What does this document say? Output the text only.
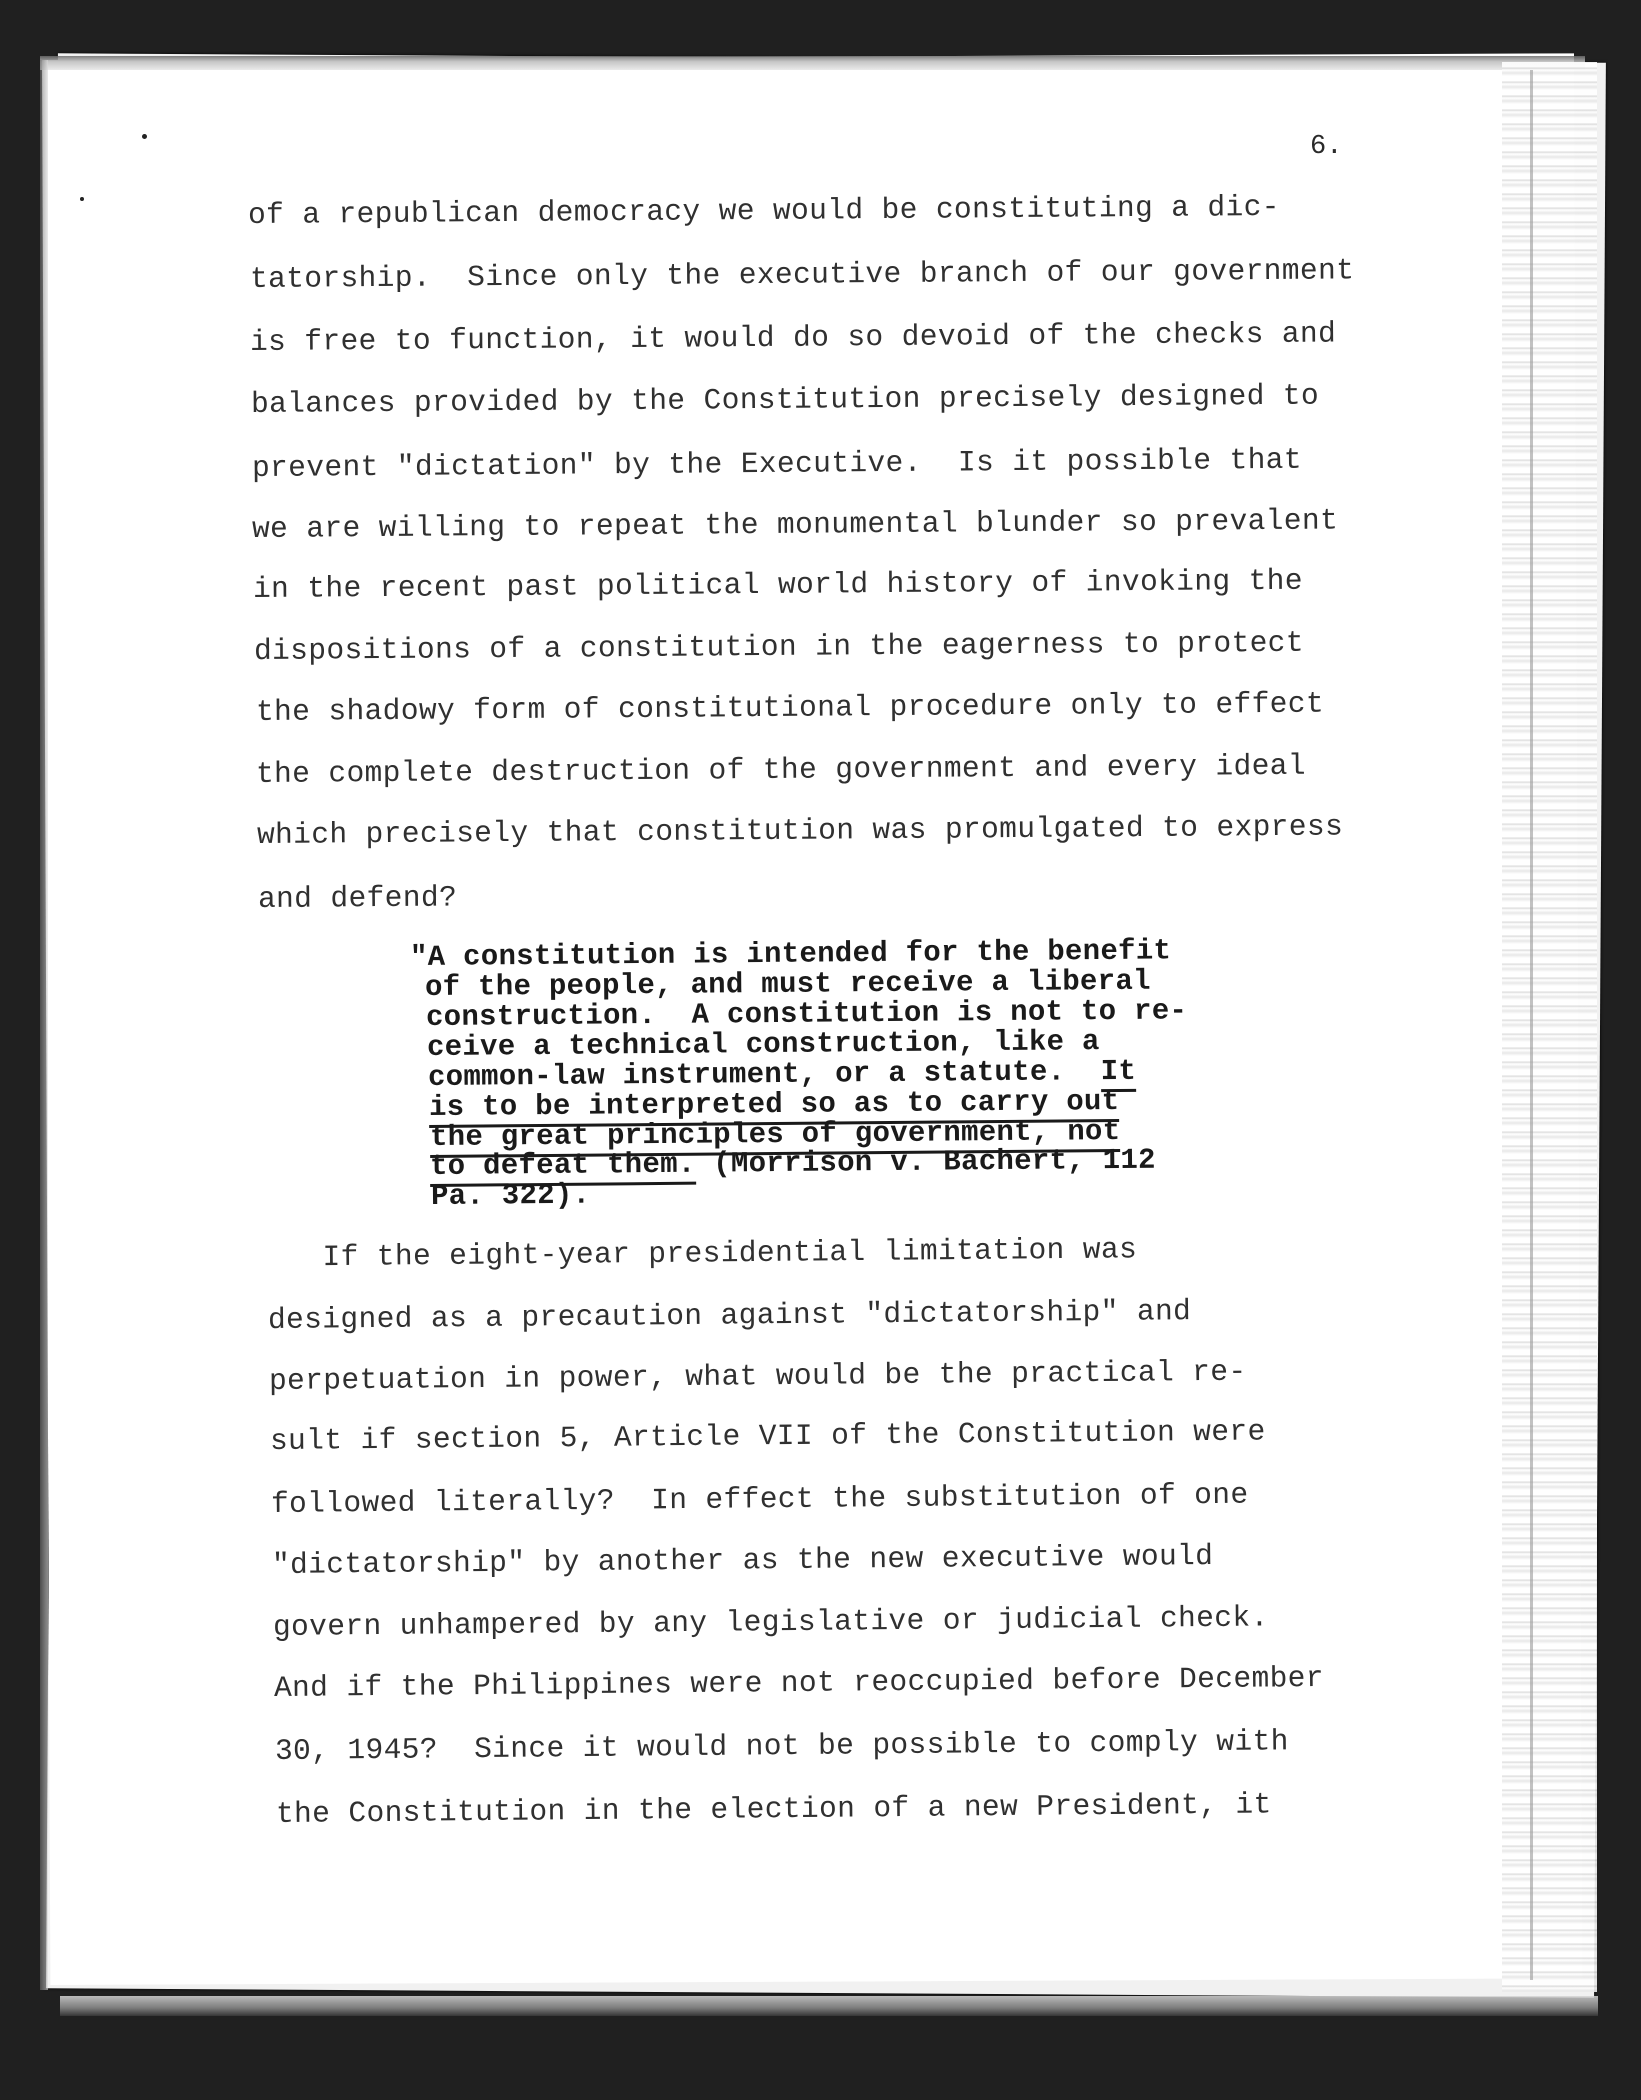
6.
of a republican democracy we would be constituting a dic-
tatorship.  Since only the executive branch of our government
is free to function, it would do so devoid of the checks and
balances provided by the Constitution precisely designed to
prevent "dictation" by the Executive.  Is it possible that
we are willing to repeat the monumental blunder so prevalent
in the recent past political world history of invoking the
dispositions of a constitution in the eagerness to protect
the shadowy form of constitutional procedure only to effect
the complete destruction of the government and every ideal
which precisely that constitution was promulgated to express
and defend?
"A constitution is intended for the benefit
of the people, and must receive a liberal
construction.  A constitution is not to re-
ceive a technical construction, like a
common-law instrument, or a statute.  It
is to be interpreted so as to carry out
the great principles of government, not
to defeat them. (Morrison v. Bachert, 112
Pa. 322).
If the eight-year presidential limitation was
designed as a precaution against "dictatorship" and
perpetuation in power, what would be the practical re-
sult if section 5, Article VII of the Constitution were
followed literally?  In effect the substitution of one
"dictatorship" by another as the new executive would
govern unhampered by any legislative or judicial check.
And if the Philippines were not reoccupied before December
30, 1945?  Since it would not be possible to comply with
the Constitution in the election of a new President, it
